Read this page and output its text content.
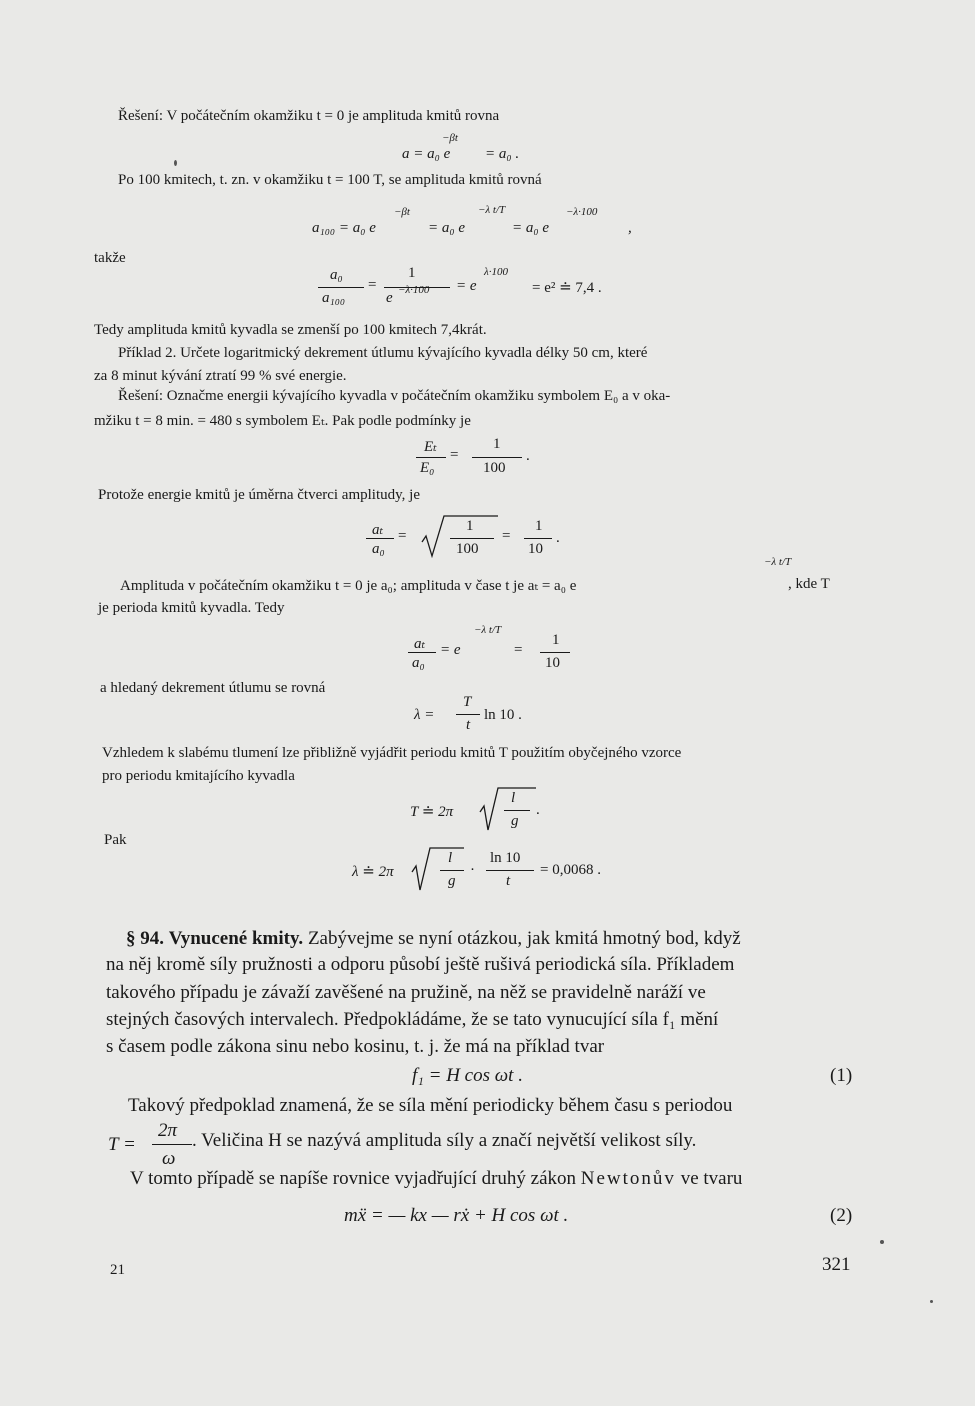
Řešení: V počátečním okamžiku t = 0 je amplituda kmitů rovna
a = a₀ e
−βt
= a₀ .
Po 100 kmitech, t. zn. v okamžiku t = 100 T, se amplituda kmitů rovná
a₁₀₀ = a₀ e
−βt
= a₀ e
−λ t/T
= a₀ e
−λ·100
,
takže
a₀
a₁₀₀
=
1
e −λ·100 = e
λ·100
= e² ≐ 7,4 .
Tedy amplituda kmitů kyvadla se zmenší po 100 kmitech 7,4krát.
Příklad 2. Určete logaritmický dekrement útlumu kývajícího kyvadla délky 50 cm, které
za 8 minut kývání ztratí 99 % své energie.
Řešení: Označme energii kývajícího kyvadla v počátečním okamžiku symbolem E₀ a v oka-
mžiku t = 8 min. = 480 s symbolem Eₜ. Pak podle podmínky je
Eₜ
E₀
=
1
100
.
Protože energie kmitů je úměrna čtverci amplitudy, je
aₜ
a₀
=
1
100
=
1
10
.
Amplituda v počátečním okamžiku t = 0 je a₀; amplituda v čase t je aₜ = a₀ e
−λ t/T
, kde T
je perioda kmitů kyvadla. Tedy
aₜ
a₀
= e
−λ t/T
=
1
10
a hledaný dekrement útlumu se rovná
λ =
T
t
ln 10 .
Vzhledem k slabému tlumení lze přibližně vyjádřit periodu kmitů T použitím obyčejného vzorce
pro periodu kmitajícího kyvadla
T ≐ 2π
l
g
.
Pak
λ ≐ 2π
l
g
·
ln 10
t
= 0,0068 .
§ 94. Vynucené kmity. Zabývejme se nyní otázkou, jak kmitá hmotný bod, když
na něj kromě síly pružnosti a odporu působí ještě rušivá periodická síla. Příkladem
takového případu je závaží zavěšené na pružině, na něž se pravidelně naráží ve
stejných časových intervalech. Předpokládáme, že se tato vynucující síla f₁ mění
s časem podle zákona sinu nebo kosinu, t. j. že má na příklad tvar
f₁ = H cos ωt .	(1)
Takový předpoklad znamená, že se síla mění periodicky během času s periodou
T =
2π
ω
. Veličina H se nazývá amplituda síly a značí největší velikost síly.
V tomto případě se napíše rovnice vyjadřující druhý zákon Newtonův ve tvaru
mẍ = — kx — rẋ + H cos ωt .	(2)
21	321
